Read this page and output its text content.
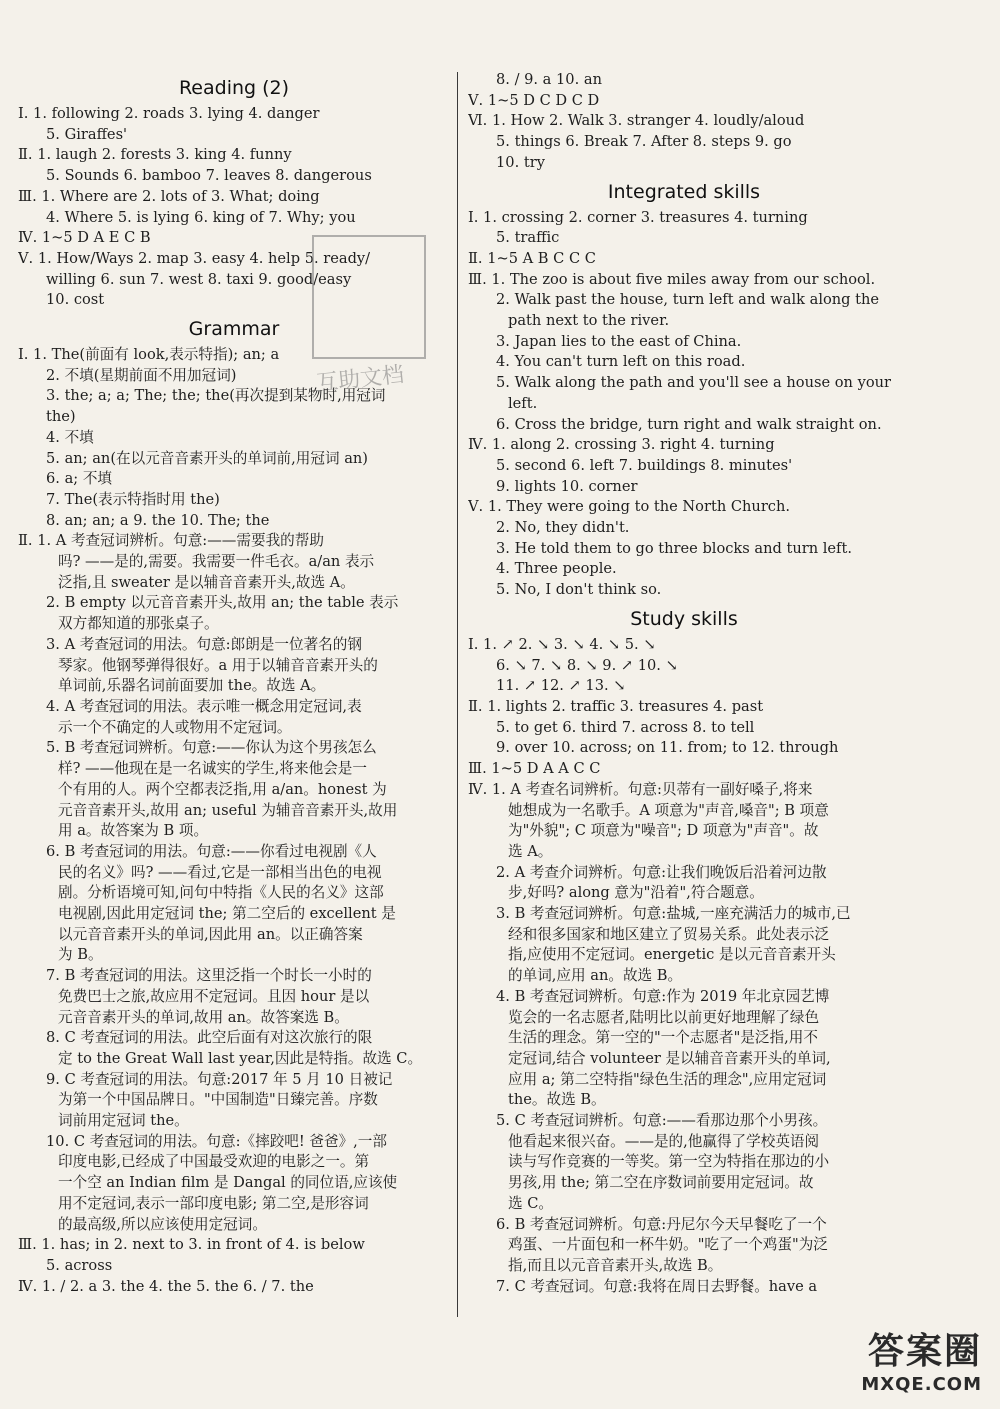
Reading (2)
Ⅰ. 1. following 2. roads 3. lying 4. danger
5. Giraffes'
Ⅱ. 1. laugh 2. forests 3. king 4. funny
5. Sounds 6. bamboo 7. leaves 8. dangerous
Ⅲ. 1. Where are 2. lots of 3. What; doing
4. Where 5. is lying 6. king of 7. Why; you
Ⅳ. 1~5 D A E C B
Ⅴ. 1. How/Ways 2. map 3. easy 4. help 5. ready/
willing 6. sun 7. west 8. taxi 9. good/easy
10. cost
Grammar
Ⅰ. 1. The(前面有 look,表示特指); an; a
2. 不填(星期前面不用加冠词)
3. the; a; a; The; the; the(再次提到某物时,用冠词
the)
4. 不填
5. an; an(在以元音音素开头的单词前,用冠词 an)
6. a; 不填
7. The(表示特指时用 the)
8. an; an; a 9. the 10. The; the
Ⅱ. 1. A 考查冠词辨析。句意:——需要我的帮助
吗? ——是的,需要。我需要一件毛衣。a/an 表示
泛指,且 sweater 是以辅音音素开头,故选 A。
2. B empty 以元音音素开头,故用 an; the table 表示
双方都知道的那张桌子。
3. A 考查冠词的用法。句意:郎朗是一位著名的钢
琴家。他钢琴弹得很好。a 用于以辅音音素开头的
单词前,乐器名词前面要加 the。故选 A。
4. A 考查冠词的用法。表示唯一概念用定冠词,表
示一个不确定的人或物用不定冠词。
5. B 考查冠词辨析。句意:——你认为这个男孩怎么
样? ——他现在是一名诚实的学生,将来他会是一
个有用的人。两个空都表泛指,用 a/an。honest 为
元音音素开头,故用 an; useful 为辅音音素开头,故用
用 a。故答案为 B 项。
6. B 考查冠词的用法。句意:——你看过电视剧《人
民的名义》吗? ——看过,它是一部相当出色的电视
剧。分析语境可知,问句中特指《人民的名义》这部
电视剧,因此用定冠词 the; 第二空后的 excellent 是
以元音音素开头的单词,因此用 an。以正确答案
为 B。
7. B 考查冠词的用法。这里泛指一个时长一小时的
免费巴士之旅,故应用不定冠词。且因 hour 是以
元音音素开头的单词,故用 an。故答案选 B。
8. C 考查冠词的用法。此空后面有对这次旅行的限
定 to the Great Wall last year,因此是特指。故选 C。
9. C 考查冠词的用法。句意:2017 年 5 月 10 日被记
为第一个中国品牌日。"中国制造"日臻完善。序数
词前用定冠词 the。
10. C 考查冠词的用法。句意:《摔跤吧! 爸爸》,一部
印度电影,已经成了中国最受欢迎的电影之一。第
一个空 an Indian film 是 Dangal 的同位语,应该使
用不定冠词,表示一部印度电影; 第二空,是形容词
的最高级,所以应该使用定冠词。
Ⅲ. 1. has; in 2. next to 3. in front of 4. is below
5. across
Ⅳ. 1. / 2. a 3. the 4. the 5. the 6. / 7. the
8. / 9. a 10. an
Ⅴ. 1~5 D C D C D
Ⅵ. 1. How 2. Walk 3. stranger 4. loudly/aloud
5. things 6. Break 7. After 8. steps 9. go
10. try
Integrated skills
Ⅰ. 1. crossing 2. corner 3. treasures 4. turning
5. traffic
Ⅱ. 1~5 A B C C C
Ⅲ. 1. The zoo is about five miles away from our school.
2. Walk past the house, turn left and walk along the
path next to the river.
3. Japan lies to the east of China.
4. You can't turn left on this road.
5. Walk along the path and you'll see a house on your
left.
6. Cross the bridge, turn right and walk straight on.
Ⅳ. 1. along 2. crossing 3. right 4. turning
5. second 6. left 7. buildings 8. minutes'
9. lights 10. corner
Ⅴ. 1. They were going to the North Church.
2. No, they didn't.
3. He told them to go three blocks and turn left.
4. Three people.
5. No, I don't think so.
Study skills
Ⅰ. 1. ↗ 2. ↘ 3. ↘ 4. ↘ 5. ↘
6. ↘ 7. ↘ 8. ↘ 9. ↗ 10. ↘
11. ↗ 12. ↗ 13. ↘
Ⅱ. 1. lights 2. traffic 3. treasures 4. past
5. to get 6. third 7. across 8. to tell
9. over 10. across; on 11. from; to 12. through
Ⅲ. 1~5 D A A C C
Ⅳ. 1. A 考查名词辨析。句意:贝蒂有一副好嗓子,将来
她想成为一名歌手。A 项意为"声音,嗓音"; B 项意
为"外貌"; C 项意为"噪音"; D 项意为"声音"。故
选 A。
2. A 考查介词辨析。句意:让我们晚饭后沿着河边散
步,好吗? along 意为"沿着",符合题意。
3. B 考查冠词辨析。句意:盐城,一座充满活力的城市,已
经和很多国家和地区建立了贸易关系。此处表示泛
指,应使用不定冠词。energetic 是以元音音素开头
的单词,应用 an。故选 B。
4. B 考查冠词辨析。句意:作为 2019 年北京园艺博
览会的一名志愿者,陆明比以前更好地理解了绿色
生活的理念。第一空的"一个志愿者"是泛指,用不
定冠词,结合 volunteer 是以辅音音素开头的单词,
应用 a; 第二空特指"绿色生活的理念",应用定冠词
the。故选 B。
5. C 考查冠词辨析。句意:——看那边那个小男孩。
他看起来很兴奋。——是的,他赢得了学校英语阅
读与写作竞赛的一等奖。第一空为特指在那边的小
男孩,用 the; 第二空在序数词前要用定冠词。故
选 C。
6. B 考查冠词辨析。句意:丹尼尔今天早餐吃了一个
鸡蛋、一片面包和一杯牛奶。"吃了一个鸡蛋"为泛
指,而且以元音音素开头,故选 B。
7. C 考查冠词。句意:我将在周日去野餐。have a
互助文档
答案圈
MXQE.COM
